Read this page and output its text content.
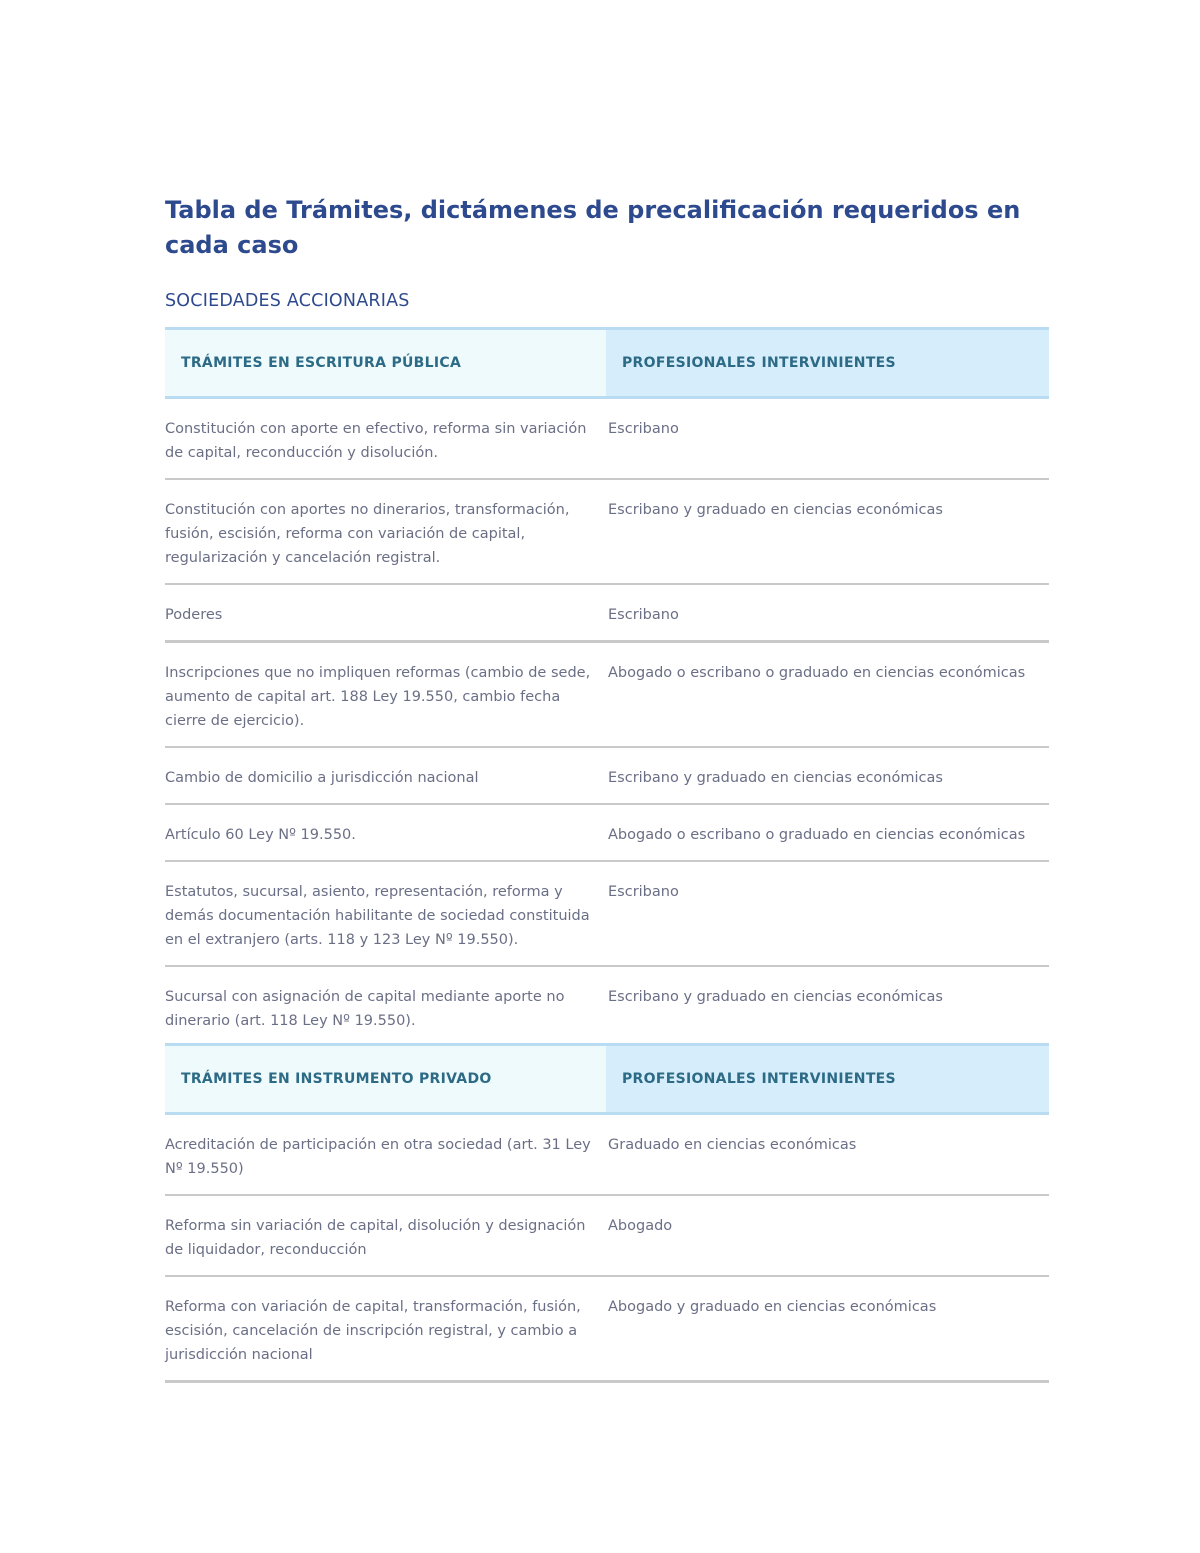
Tabla de Trámites, dictámenes de precalificación requeridos en cada caso
SOCIEDADES ACCIONARIAS
TRÁMITES EN ESCRITURA PÚBLICA	PROFESIONALES INTERVINIENTES
Constitución con aporte en efectivo, reforma sin variación de capital, reconducción y disolución.	Escribano
Constitución con aportes no dinerarios, transformación, fusión, escisión, reforma con variación de capital, regularización y cancelación registral.	Escribano y graduado en ciencias económicas
Poderes	Escribano
Inscripciones que no impliquen reformas (cambio de sede, aumento de capital art. 188 Ley 19.550, cambio fecha cierre de ejercicio).	Abogado o escribano o graduado en ciencias económicas
Cambio de domicilio a jurisdicción nacional	Escribano y graduado en ciencias económicas
Artículo 60 Ley Nº 19.550.	Abogado o escribano o graduado en ciencias económicas
Estatutos, sucursal, asiento, representación, reforma y demás documentación habilitante de sociedad constituida en el extranjero (arts. 118 y 123 Ley Nº 19.550).	Escribano
Sucursal con asignación de capital mediante aporte no dinerario (art. 118 Ley Nº 19.550).	Escribano y graduado en ciencias económicas
TRÁMITES EN INSTRUMENTO PRIVADO	PROFESIONALES INTERVINIENTES
Acreditación de participación en otra sociedad (art. 31 Ley Nº 19.550)	Graduado en ciencias económicas
Reforma sin variación de capital, disolución y designación de liquidador, reconducción	Abogado
Reforma con variación de capital, transformación, fusión, escisión, cancelación de inscripción registral, y cambio a jurisdicción nacional	Abogado y graduado en ciencias económicas
